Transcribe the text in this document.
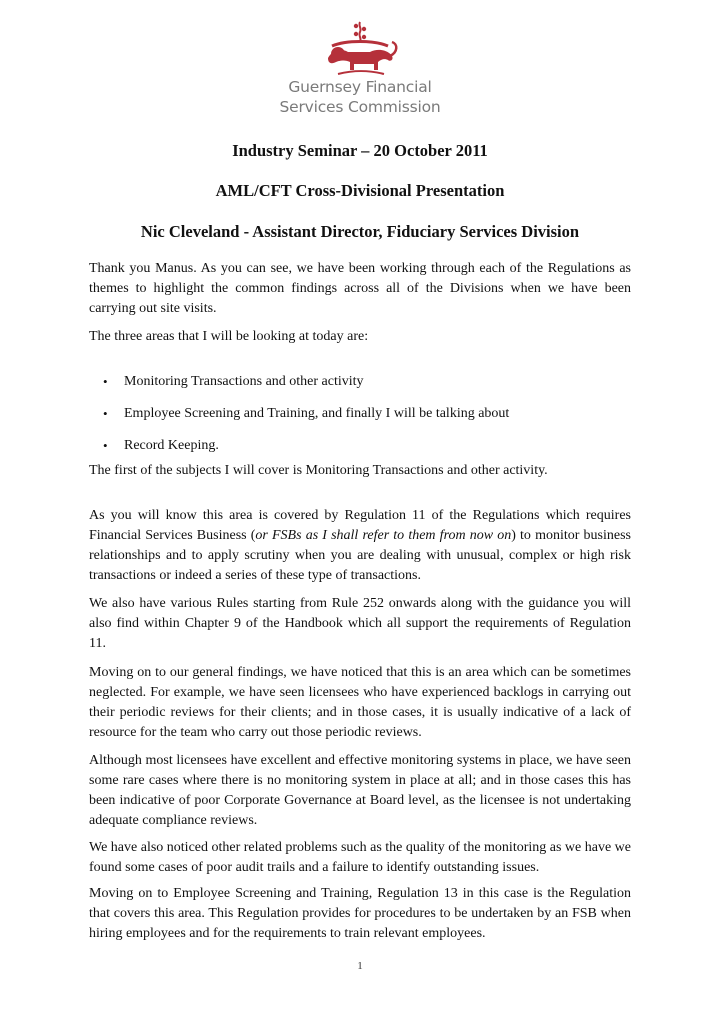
Guernsey Financial
Services Commission
Industry Seminar – 20 October 2011
AML/CFT Cross-Divisional Presentation
Nic Cleveland - Assistant Director, Fiduciary Services Division

Thank you Manus. As you can see, we have been working through each of the Regulations as themes to highlight the common findings across all of the Divisions when we have been carrying out site visits.

The three areas that I will be looking at today are:

• Monitoring Transactions and other activity
• Employee Screening and Training, and finally I will be talking about
• Record Keeping.

The first of the subjects I will cover is Monitoring Transactions and other activity.

As you will know this area is covered by Regulation 11 of the Regulations which requires Financial Services Business (or FSBs as I shall refer to them from now on) to monitor business relationships and to apply scrutiny when you are dealing with unusual, complex or high risk transactions or indeed a series of these type of transactions.

We also have various Rules starting from Rule 252 onwards along with the guidance you will also find within Chapter 9 of the Handbook which all support the requirements of Regulation 11.

Moving on to our general findings, we have noticed that this is an area which can be sometimes neglected. For example, we have seen licensees who have experienced backlogs in carrying out their periodic reviews for their clients; and in those cases, it is usually indicative of a lack of resource for the team who carry out those periodic reviews.

Although most licensees have excellent and effective monitoring systems in place, we have seen some rare cases where there is no monitoring system in place at all; and in those cases this has been indicative of poor Corporate Governance at Board level, as the licensee is not undertaking adequate compliance reviews.

We have also noticed other related problems such as the quality of the monitoring as we have we found some cases of poor audit trails and a failure to identify outstanding issues.

Moving on to Employee Screening and Training, Regulation 13 in this case is the Regulation that covers this area. This Regulation provides for procedures to be undertaken by an FSB when hiring employees and for the requirements to train relevant employees.

1
